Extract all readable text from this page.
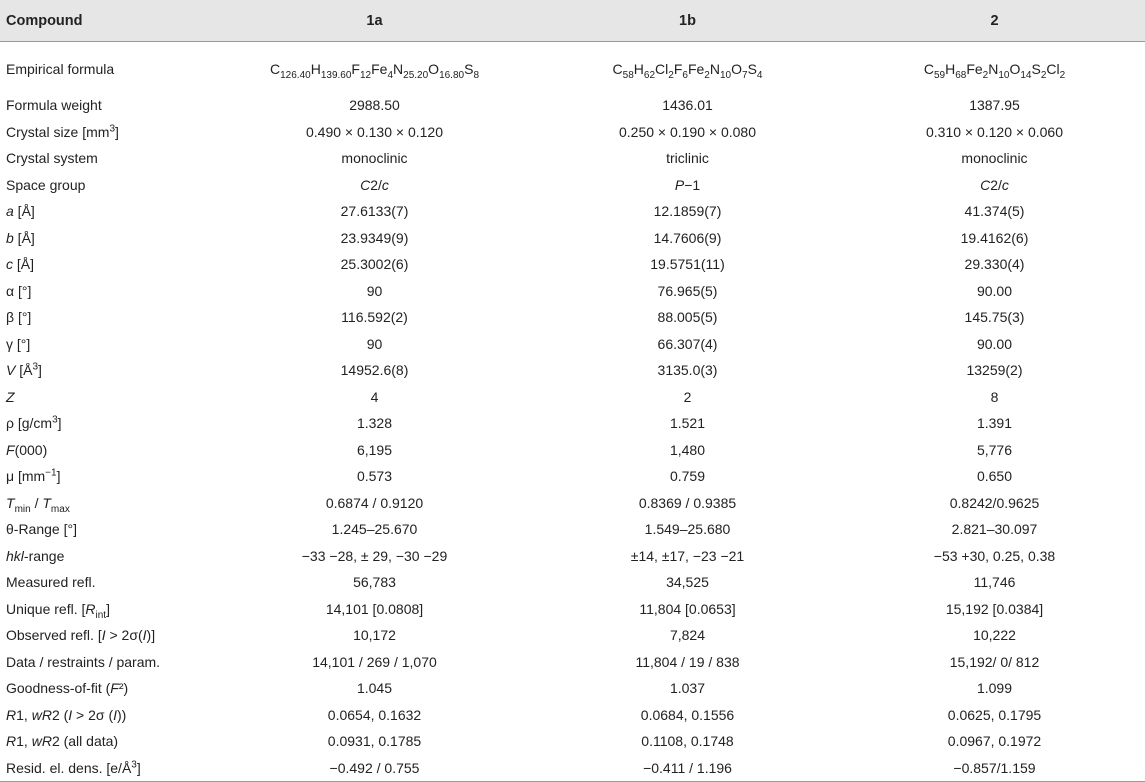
Compound	1a	1b	2
Empirical formula	$C_{126.40}H_{139.60}F_{12}Fe_4N_{25.20}O_{16.80}S_8$	$C_{58}H_{62}Cl_2F_6Fe_2N_{10}O_7S_4$	$C_{59}H_{68}Fe_2N_{10}O_{14}S_2Cl_2$
Formula weight	2988.50	1436.01	1387.95
Crystal size $[mm^3]$	0.490 × 0.130 × 0.120	0.250 × 0.190 × 0.080	0.310 × 0.120 × 0.060
Crystal system	monoclinic	triclinic	monoclinic
Space group	C2/c	P−1	C2/c
a [Å]	27.6133(7)	12.1859(7)	41.374(5)
b [Å]	23.9349(9)	14.7606(9)	19.4162(6)
c [Å]	25.3002(6)	19.5751(11)	29.330(4)
α [°]	90	76.965(5)	90.00
β [°]	116.592(2)	88.005(5)	145.75(3)
γ [°]	90	66.307(4)	90.00
V $[Å^3]$	14952.6(8)	3135.0(3)	13259(2)
Z	4	2	8
ρ $[g/cm^3]$	1.328	1.521	1.391
F(000)	6,195	1,480	5,776
μ $[mm^{-1}]$	0.573	0.759	0.650
$T_{min} / T_{max}$	0.6874 / 0.9120	0.8369 / 0.9385	0.8242/0.9625
θ-Range [°]	1.245–25.670	1.549–25.680	2.821–30.097
hkl-range	−33 −28, ± 29, −30 −29	±14, ±17, −23 −21	−53 +30, 0.25, 0.38
Measured refl.	56,783	34,525	11,746
Unique refl. $[R_{int}]$	14,101 [0.0808]	11,804 [0.0653]	15,192 [0.0384]
Observed refl. [I > 2σ(I)]	10,172	7,824	10,222
Data / restraints / param.	14,101 / 269 / 1,070	11,804 / 19 / 838	15,192/ 0/ 812
Goodness-of-fit (F²)	1.045	1.037	1.099
R1, wR2 (I > 2σ (I))	0.0654, 0.1632	0.0684, 0.1556	0.0625, 0.1795
R1, wR2 (all data)	0.0931, 0.1785	0.1108, 0.1748	0.0967, 0.1972
Resid. el. dens. $[e/Å^3]$	−0.492 / 0.755	−0.411 / 1.196	−0.857/1.159
